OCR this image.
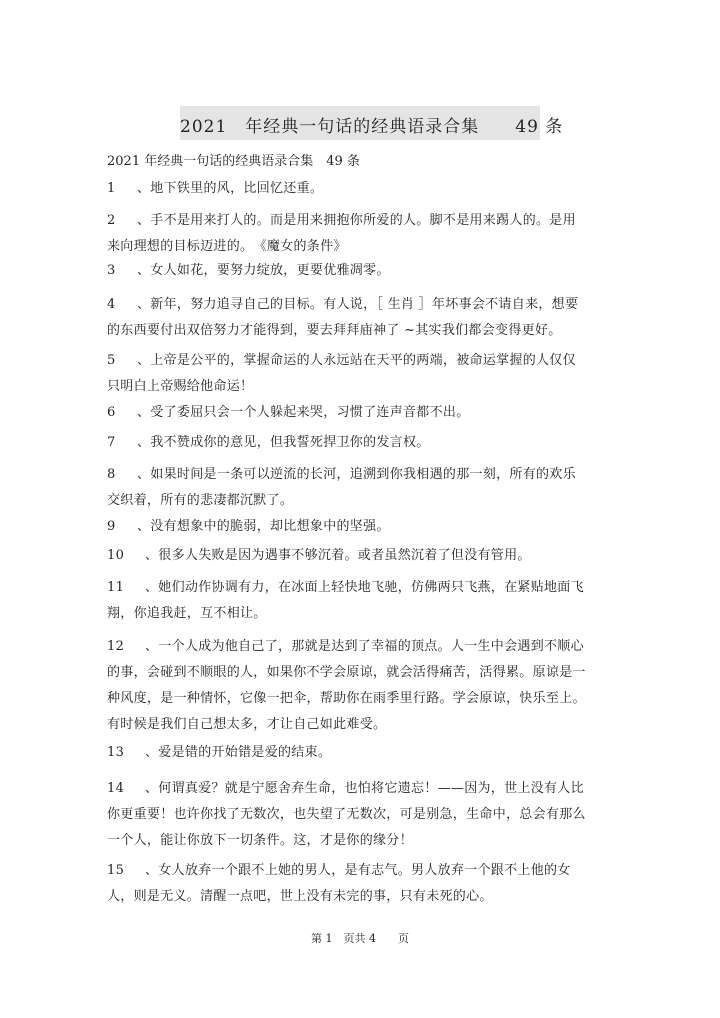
2021　年经典一句话的经典语录合集　　49 条
2021 年经典一句话的经典语录合集　49 条
1 、地下铁里的风，比回忆还重。
2 、手不是用来打人的。而是用来拥抱你所爱的人。脚不是用来踢人的。是用来向理想的目标迈进的。　《魔女的条件》
3 、女人如花，要努力绽放，更要优雅凋零。
4 、新年，努力追寻自己的目标。有人说，［ 生肖 ］年坏事会不请自来，想要的东西要付出双倍努力才能得到，要去拜拜庙神了 ~其实我们都会变得更好。
5 、上帝是公平的，掌握命运的人永远站在天平的两端，被命运掌握的人仅仅只明白上帝赐给他命运！
6 、受了委屈只会一个人躲起来哭，习惯了连声音都不出。
7 、我不赞成你的意见，但我誓死捍卫你的发言权。
8 、如果时间是一条可以逆流的长河，追溯到你我相遇的那一刻，所有的欢乐交织着，所有的悲凄都沉默了。
9 、没有想象中的脆弱，却比想象中的坚强。
10 、很多人失败是因为遇事不够沉着。或者虽然沉着了但没有管用。
11 、她们动作协调有力，在冰面上轻快地飞驰，仿佛两只飞燕，在紧贴地面飞翔，你追我赶，互不相让。
12 、一个人成为他自己了，那就是达到了幸福的顶点。人一生中会遇到不顺心的事，会碰到不顺眼的人，如果你不学会原谅，就会活得痛苦，活得累。原谅是一种风度，是一种情怀，它像一把伞，帮助你在雨季里行路。学会原谅，快乐至上。有时候是我们自己想太多，才让自己如此难受。
13 、爱是错的开始错是爱的结束。
14 、何谓真爱？就是宁愿舍弃生命，也怕将它遗忘！——因为，世上没有人比你更重要！也许你找了无数次，也失望了无数次，可是别急，生命中，总会有那么一个人，能让你放下一切条件。这，才是你的缘分！
15 、女人放弃一个跟不上她的男人，是有志气。男人放弃一个跟不上他的女人，则是无义。清醒一点吧，世上没有未完的事，只有未死的心。
第 1　页共 4　　页
